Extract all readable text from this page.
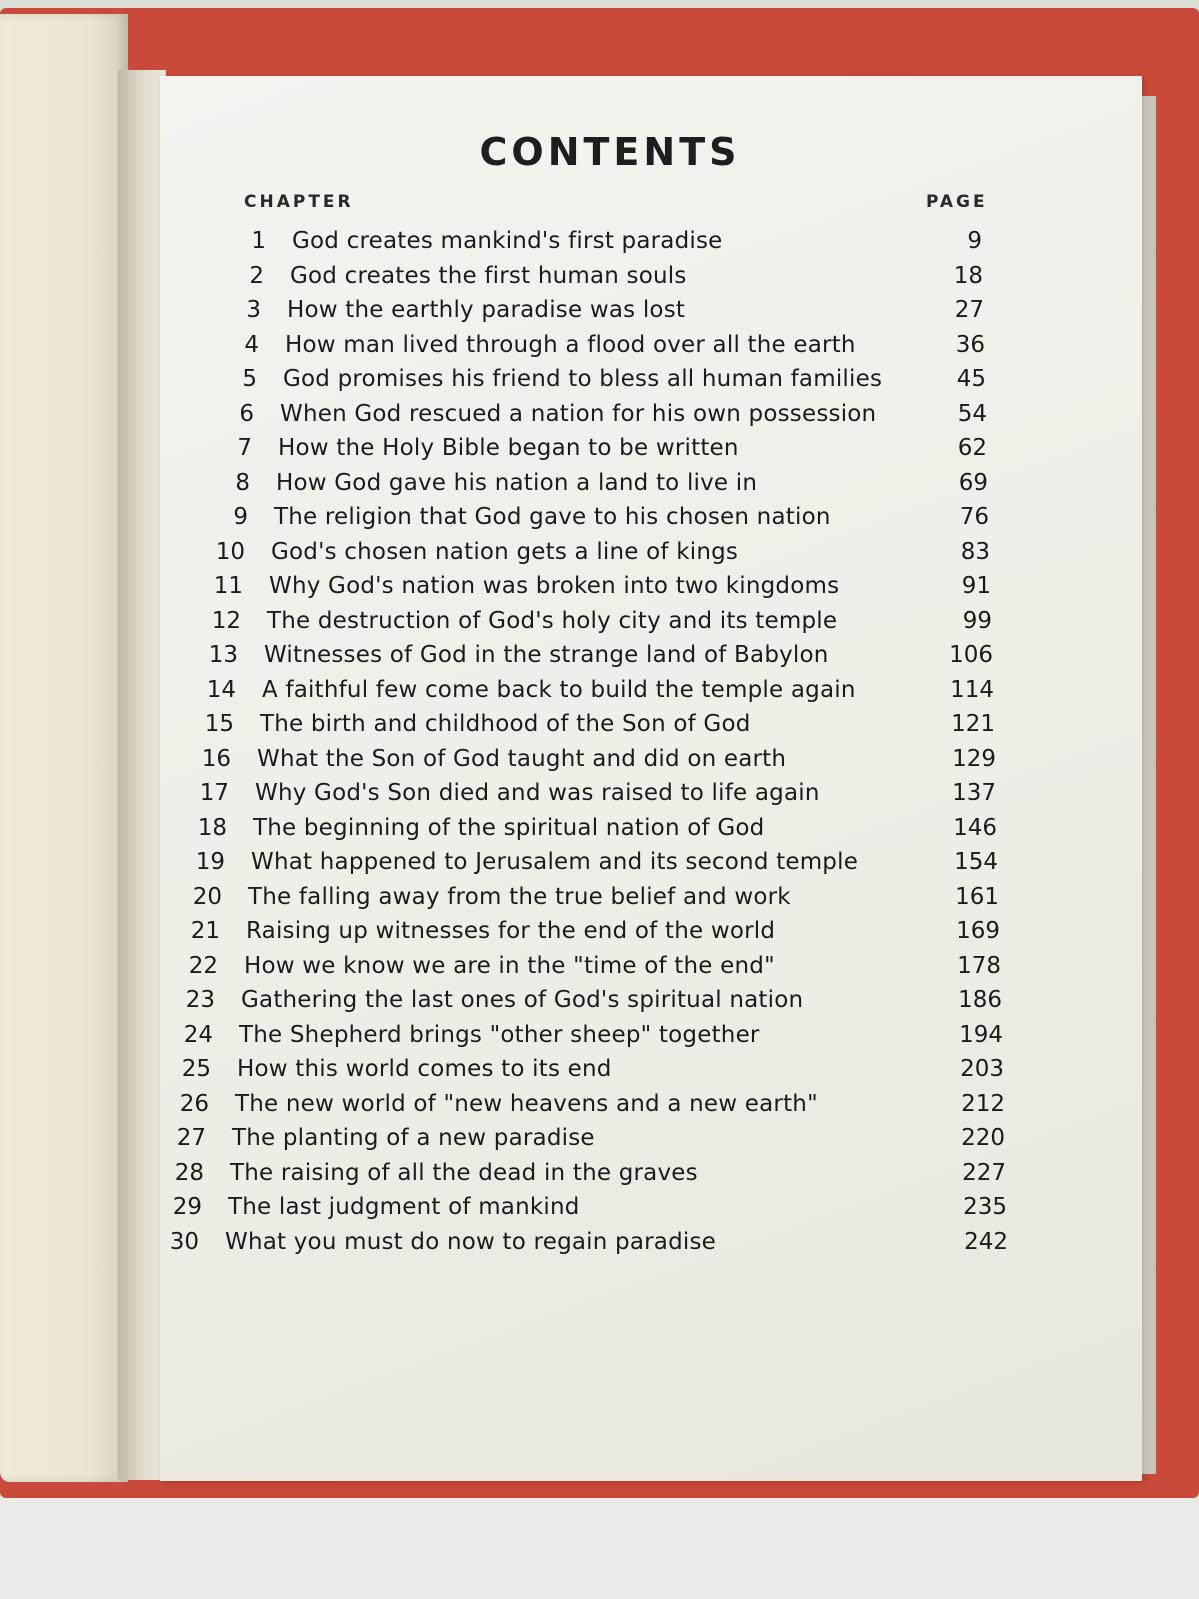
CONTENTS
CHAPTER	PAGE
1 God creates mankind's first paradise	9
2 God creates the first human souls	18
3 How the earthly paradise was lost	27
4 How man lived through a flood over all the earth	36
5 God promises his friend to bless all human families	45
6 When God rescued a nation for his own possession	54
7 How the Holy Bible began to be written	62
8 How God gave his nation a land to live in	69
9 The religion that God gave to his chosen nation	76
10 God's chosen nation gets a line of kings	83
11 Why God's nation was broken into two kingdoms	91
12 The destruction of God's holy city and its temple	99
13 Witnesses of God in the strange land of Babylon	106
14 A faithful few come back to build the temple again	114
15 The birth and childhood of the Son of God	121
16 What the Son of God taught and did on earth	129
17 Why God's Son died and was raised to life again	137
18 The beginning of the spiritual nation of God	146
19 What happened to Jerusalem and its second temple	154
20 The falling away from the true belief and work	161
21 Raising up witnesses for the end of the world	169
22 How we know we are in the "time of the end"	178
23 Gathering the last ones of God's spiritual nation	186
24 The Shepherd brings "other sheep" together	194
25 How this world comes to its end	203
26 The new world of "new heavens and a new earth"	212
27 The planting of a new paradise	220
28 The raising of all the dead in the graves	227
29 The last judgment of mankind	235
30 What you must do now to regain paradise	242
